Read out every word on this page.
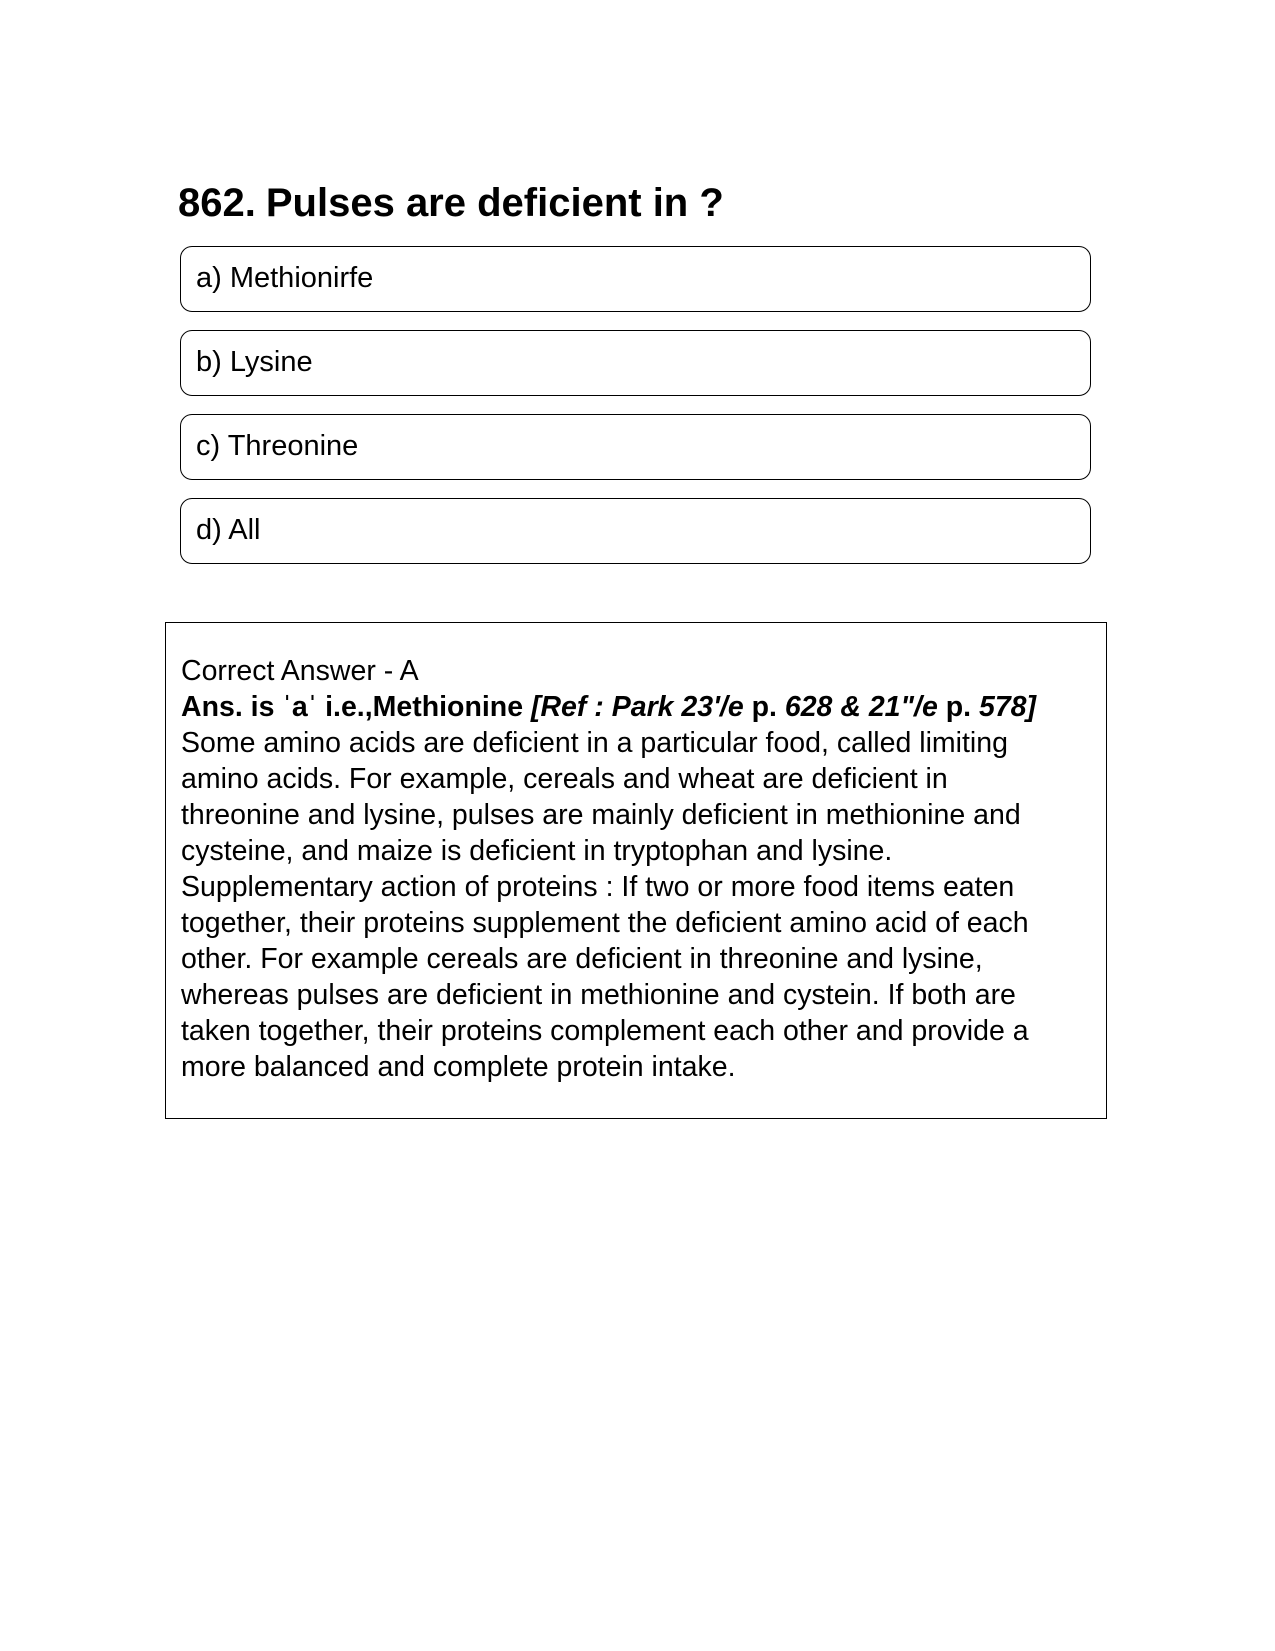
862. Pulses are deficient in ?
a) Methionirfe
b) Lysine
c) Threonine
d) All
Correct Answer - A
Ans. is ˈaˈ i.e.,Methionine [Ref : Park 23'/e p. 628 & 21"/e p. 578]
Some amino acids are deficient in a particular food, called limiting
amino acids. For example, cereals and wheat are deficient in
threonine and lysine, pulses are mainly deficient in methionine and
cysteine, and maize is deficient in tryptophan and lysine.
Supplementary action of proteins : If two or more food items eaten
together, their proteins supplement the deficient amino acid of each
other. For example cereals are deficient in threonine and lysine,
whereas pulses are deficient in methionine and cystein. If both are
taken together, their proteins complement each other and provide a
more balanced and complete protein intake.
